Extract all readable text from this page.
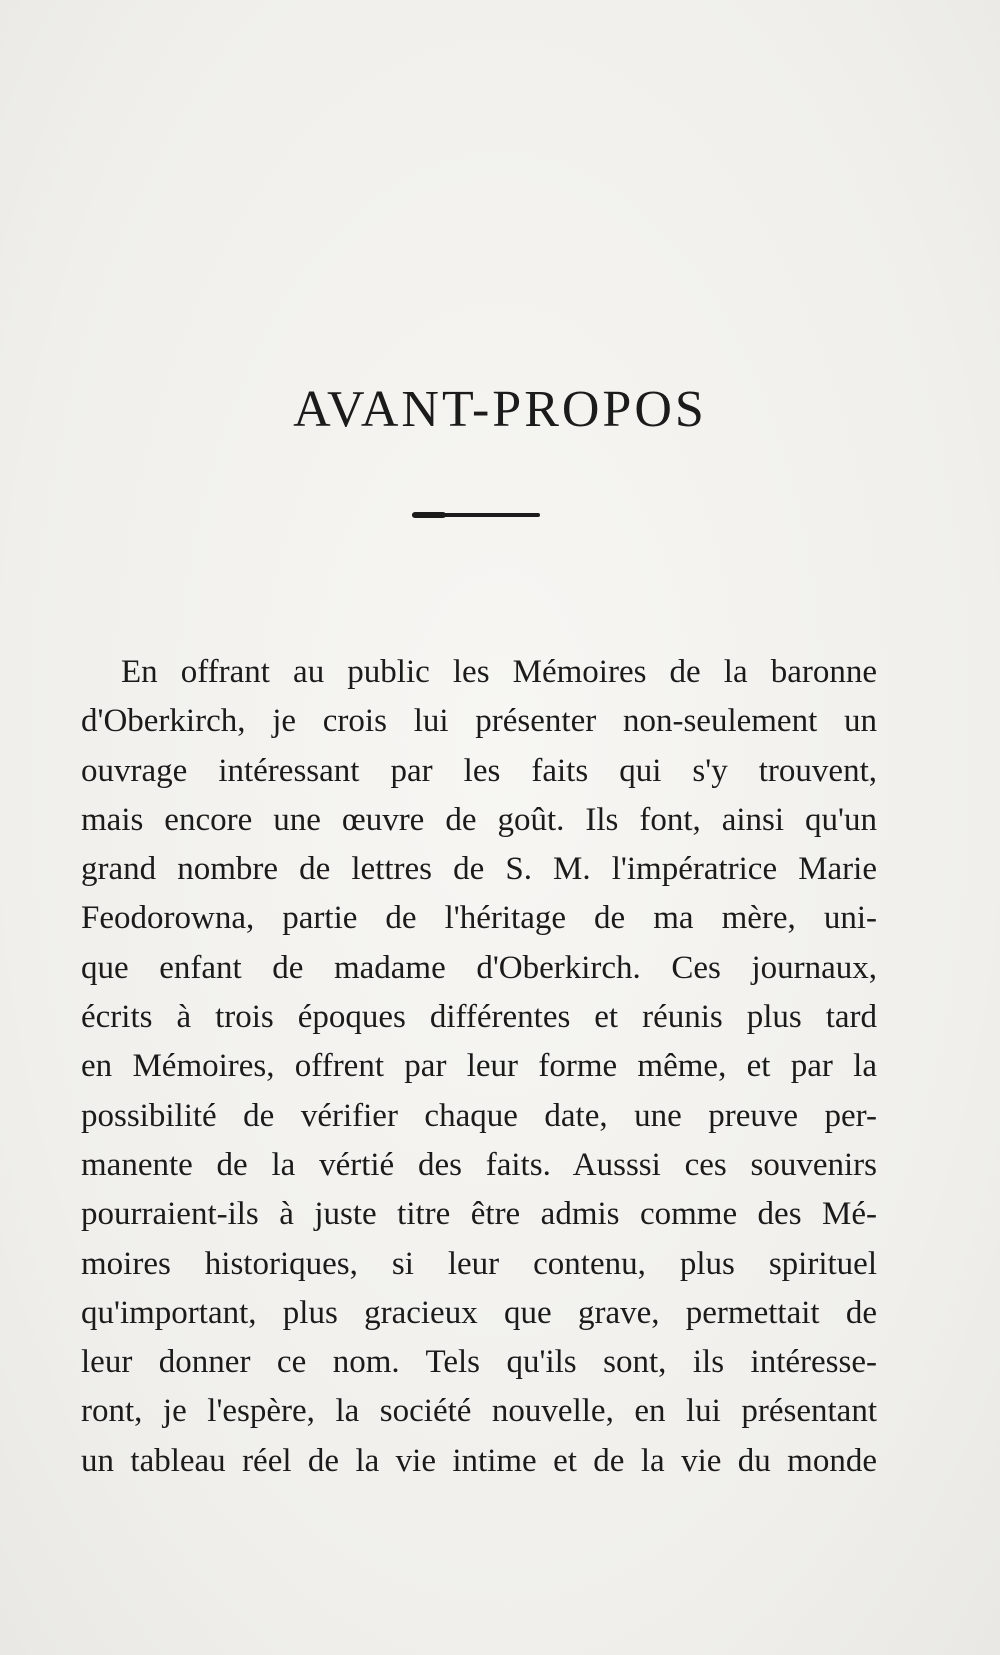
AVANT-PROPOS

En offrant au public les Mémoires de la baronne
d'Oberkirch, je crois lui présenter non-seulement un
ouvrage intéressant par les faits qui s'y trouvent,
mais encore une œuvre de goût. Ils font, ainsi qu'un
grand nombre de lettres de S. M. l'impératrice Marie
Feodorowna, partie de l'héritage de ma mère, uni-
que enfant de madame d'Oberkirch. Ces journaux,
écrits à trois époques différentes et réunis plus tard
en Mémoires, offrent par leur forme même, et par la
possibilité de vérifier chaque date, une preuve per-
manente de la vértié des faits. Ausssi ces souvenirs
pourraient-ils à juste titre être admis comme des Mé-
moires historiques, si leur contenu, plus spirituel
qu'important, plus gracieux que grave, permettait de
leur donner ce nom. Tels qu'ils sont, ils intéresse-
ront, je l'espère, la société nouvelle, en lui présentant
un tableau réel de la vie intime et de la vie du monde
